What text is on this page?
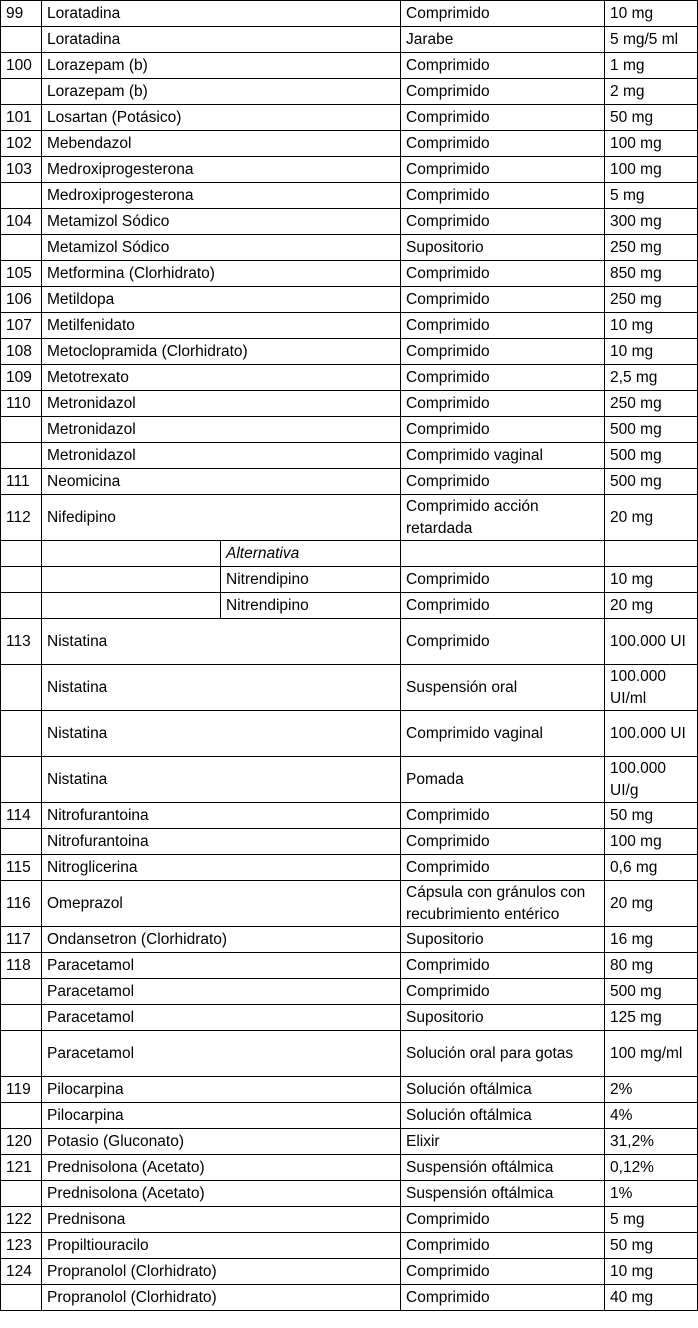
99	Loratadina		Comprimido	10 mg
	Loratadina		Jarabe	5 mg/5 ml
100	Lorazepam (b)		Comprimido	1 mg
	Lorazepam (b)		Comprimido	2 mg
101	Losartan (Potásico)		Comprimido	50 mg
102	Mebendazol		Comprimido	100 mg
103	Medroxiprogesterona		Comprimido	100 mg
	Medroxiprogesterona		Comprimido	5 mg
104	Metamizol Sódico		Comprimido	300 mg
	Metamizol Sódico		Supositorio	250 mg
105	Metformina (Clorhidrato)		Comprimido	850 mg
106	Metildopa		Comprimido	250 mg
107	Metilfenidato		Comprimido	10 mg
108	Metoclopramida (Clorhidrato)		Comprimido	10 mg
109	Metotrexato		Comprimido	2,5 mg
110	Metronidazol		Comprimido	250 mg
	Metronidazol		Comprimido	500 mg
	Metronidazol		Comprimido vaginal	500 mg
111	Neomicina		Comprimido	500 mg
112	Nifedipino		Comprimido acción retardada	20 mg
		Alternativa		
		Nitrendipino	Comprimido	10 mg
		Nitrendipino	Comprimido	20 mg
113	Nistatina		Comprimido	100.000 UI
	Nistatina		Suspensión oral	100.000 UI/ml
	Nistatina		Comprimido vaginal	100.000 UI
	Nistatina		Pomada	100.000 UI/g
114	Nitrofurantoina		Comprimido	50 mg
	Nitrofurantoina		Comprimido	100 mg
115	Nitroglicerina		Comprimido	0,6 mg
116	Omeprazol		Cápsula con gránulos con recubrimiento entérico	20 mg
117	Ondansetron (Clorhidrato)		Supositorio	16 mg
118	Paracetamol		Comprimido	80 mg
	Paracetamol		Comprimido	500 mg
	Paracetamol		Supositorio	125 mg
	Paracetamol		Solución oral para gotas	100 mg/ml
119	Pilocarpina		Solución oftálmica	2%
	Pilocarpina		Solución oftálmica	4%
120	Potasio (Gluconato)		Elixir	31,2%
121	Prednisolona (Acetato)		Suspensión oftálmica	0,12%
	Prednisolona (Acetato)		Suspensión oftálmica	1%
122	Prednisona		Comprimido	5 mg
123	Propiltiouracilo		Comprimido	50 mg
124	Propranolol (Clorhidrato)		Comprimido	10 mg
	Propranolol (Clorhidrato)		Comprimido	40 mg
